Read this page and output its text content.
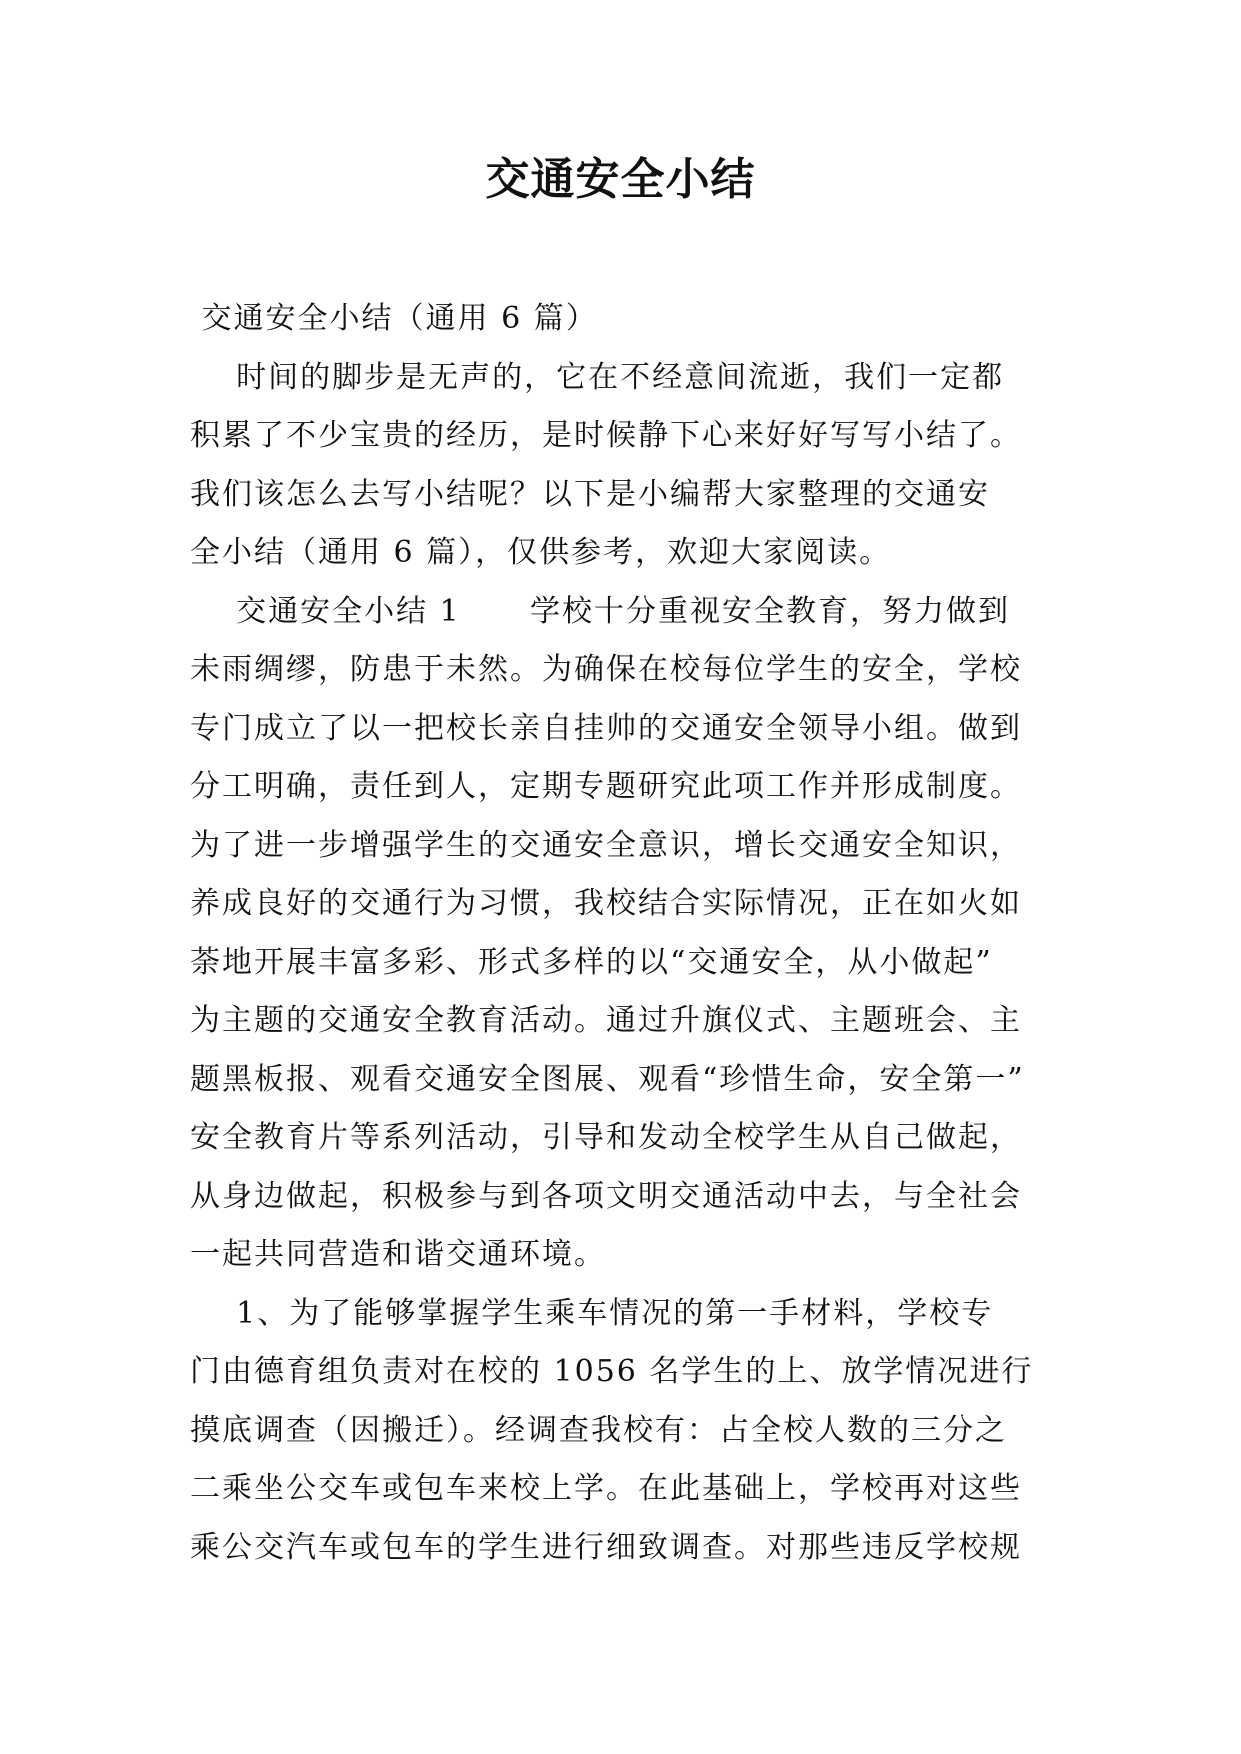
交通安全小结
交通安全小结（通用 6 篇）
时间的脚步是无声的，它在不经意间流逝，我们一定都
积累了不少宝贵的经历，是时候静下心来好好写写小结了。
我们该怎么去写小结呢？以下是小编帮大家整理的交通安
全小结（通用 6 篇），仅供参考，欢迎大家阅读。
交通安全小结 1      学校十分重视安全教育，努力做到
未雨绸缪，防患于未然。为确保在校每位学生的安全，学校
专门成立了以一把校长亲自挂帅的交通安全领导小组。做到
分工明确，责任到人，定期专题研究此项工作并形成制度。
为了进一步增强学生的交通安全意识，增长交通安全知识，
养成良好的交通行为习惯，我校结合实际情况，正在如火如
荼地开展丰富多彩、形式多样的以“交通安全，从小做起”
为主题的交通安全教育活动。通过升旗仪式、主题班会、主
题黑板报、观看交通安全图展、观看“珍惜生命，安全第一”
安全教育片等系列活动，引导和发动全校学生从自己做起，
从身边做起，积极参与到各项文明交通活动中去，与全社会
一起共同营造和谐交通环境。
1、为了能够掌握学生乘车情况的第一手材料，学校专
门由德育组负责对在校的 1056 名学生的上、放学情况进行
摸底调查（因搬迁）。经调查我校有：占全校人数的三分之
二乘坐公交车或包车来校上学。在此基础上，学校再对这些
乘公交汽车或包车的学生进行细致调查。对那些违反学校规
